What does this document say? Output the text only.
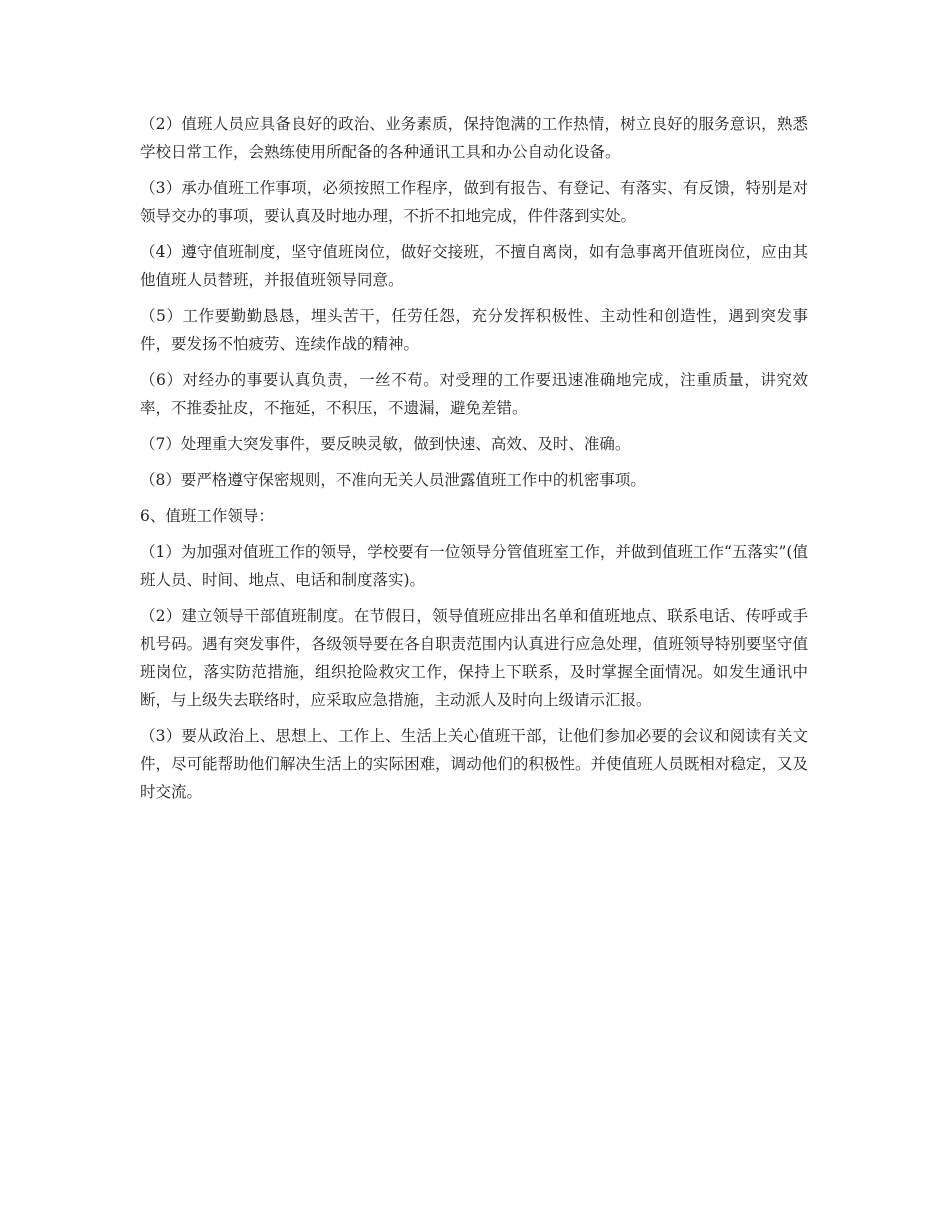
（2）值班人员应具备良好的政治、业务素质，保持饱满的工作热情，树立良好的服务意识，熟悉学校日常工作，会熟练使用所配备的各种通讯工具和办公自动化设备。

（3）承办值班工作事项，必须按照工作程序，做到有报告、有登记、有落实、有反馈，特别是对领导交办的事项，要认真及时地办理，不折不扣地完成，件件落到实处。

（4）遵守值班制度，坚守值班岗位，做好交接班，不擅自离岗，如有急事离开值班岗位，应由其他值班人员替班，并报值班领导同意。

（5）工作要勤勤恳恳，埋头苦干，任劳任怨，充分发挥积极性、主动性和创造性，遇到突发事件，要发扬不怕疲劳、连续作战的精神。

（6）对经办的事要认真负责，一丝不苟。对受理的工作要迅速准确地完成，注重质量，讲究效率，不推委扯皮，不拖延，不积压，不遗漏，避免差错。

（7）处理重大突发事件，要反映灵敏，做到快速、高效、及时、准确。

（8）要严格遵守保密规则，不准向无关人员泄露值班工作中的机密事项。

6、值班工作领导：

（1）为加强对值班工作的领导，学校要有一位领导分管值班室工作，并做到值班工作“五落实”(值班人员、时间、地点、电话和制度落实)。

（2）建立领导干部值班制度。在节假日，领导值班应排出名单和值班地点、联系电话、传呼或手机号码。遇有突发事件，各级领导要在各自职责范围内认真进行应急处理，值班领导特别要坚守值班岗位，落实防范措施，组织抢险救灾工作，保持上下联系，及时掌握全面情况。如发生通讯中断，与上级失去联络时，应采取应急措施，主动派人及时向上级请示汇报。

（3）要从政治上、思想上、工作上、生活上关心值班干部，让他们参加必要的会议和阅读有关文件，尽可能帮助他们解决生活上的实际困难，调动他们的积极性。并使值班人员既相对稳定，又及时交流。
